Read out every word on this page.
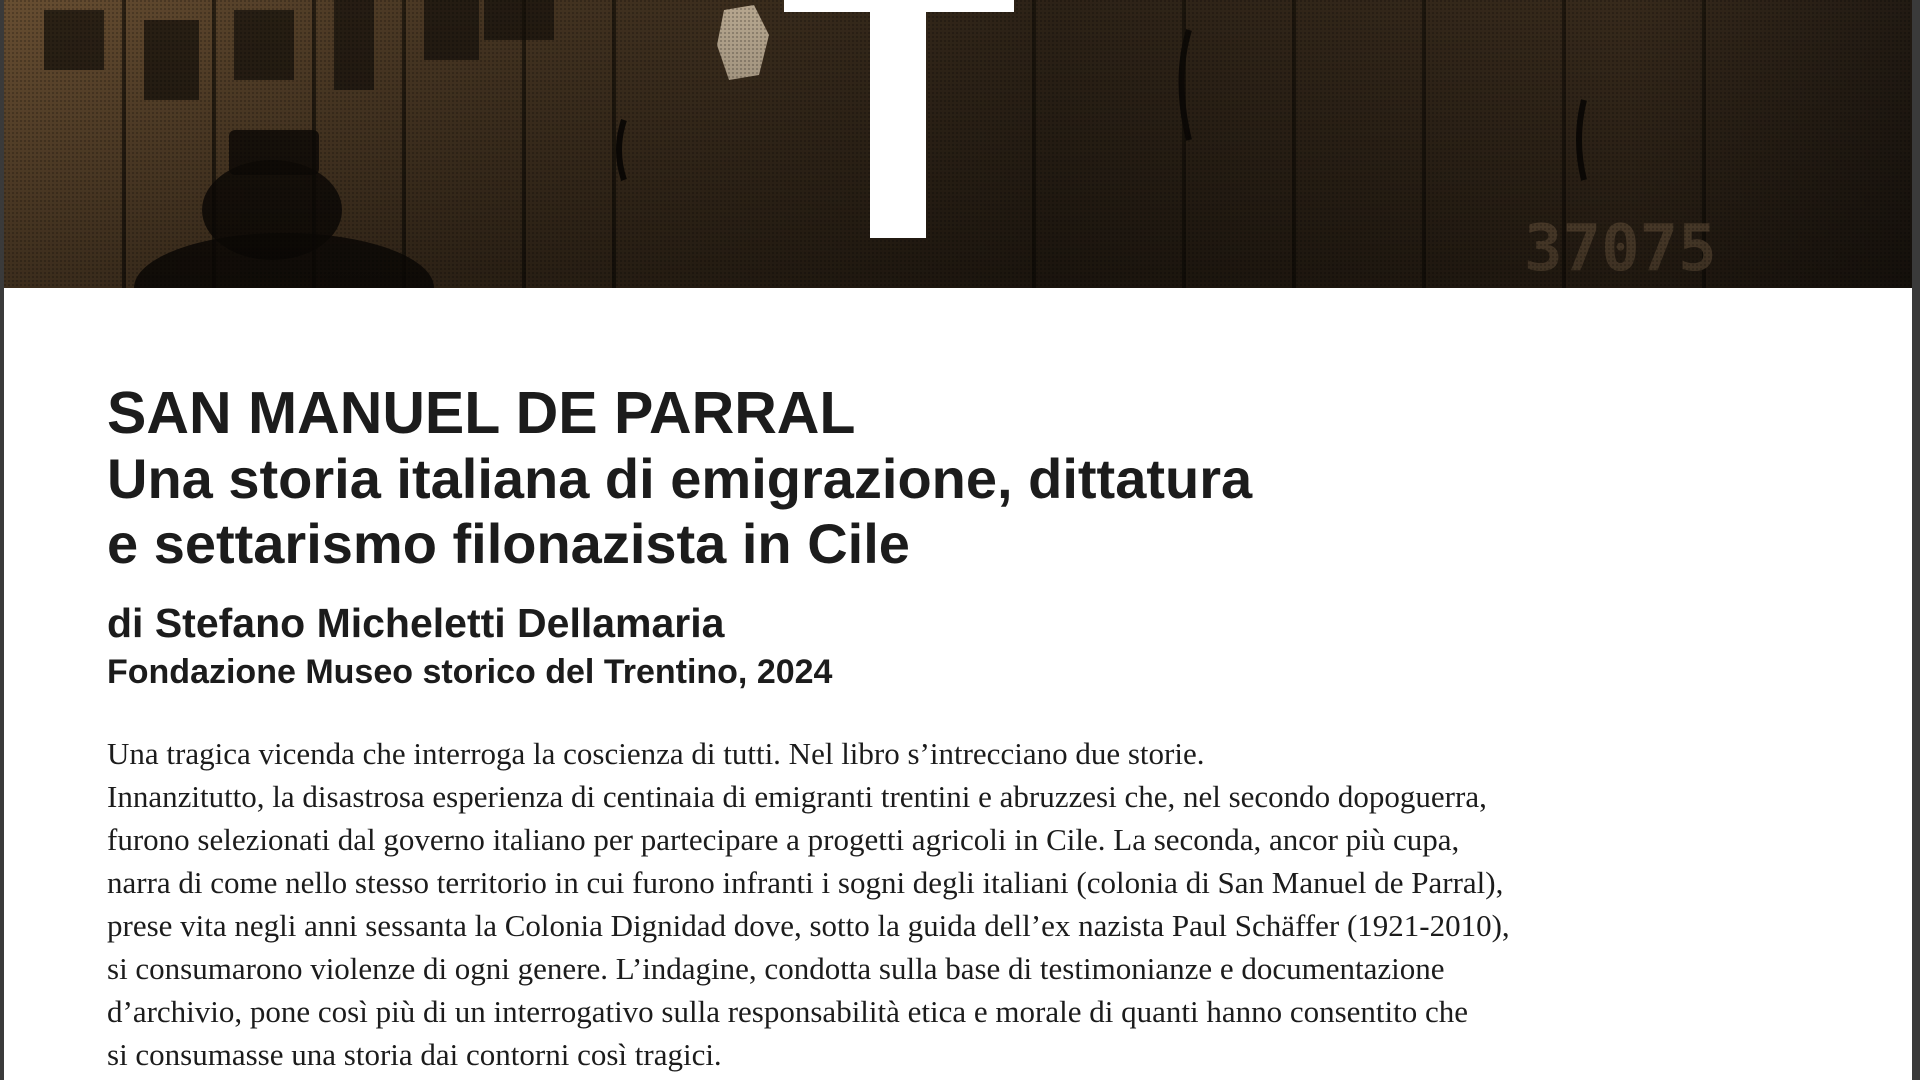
SAN MANUEL DE PARRAL
Una storia italiana di emigrazione, dittatura
e settarismo filonazista in Cile
di Stefano Micheletti Dellamaria
Fondazione Museo storico del Trentino, 2024
Una tragica vicenda che interroga la coscienza di tutti. Nel libro s’intrecciano due storie.
Innanzitutto, la disastrosa esperienza di centinaia di emigranti trentini e abruzzesi che, nel secondo dopoguerra,
furono selezionati dal governo italiano per partecipare a progetti agricoli in Cile. La seconda, ancor più cupa,
narra di come nello stesso territorio in cui furono infranti i sogni degli italiani (colonia di San Manuel de Parral),
prese vita negli anni sessanta la Colonia Dignidad dove, sotto la guida dell’ex nazista Paul Schäffer (1921-2010),
si consumarono violenze di ogni genere. L’indagine, condotta sulla base di testimonianze e documentazione
d’archivio, pone così più di un interrogativo sulla responsabilità etica e morale di quanti hanno consentito che
si consumasse una storia dai contorni così tragici.
